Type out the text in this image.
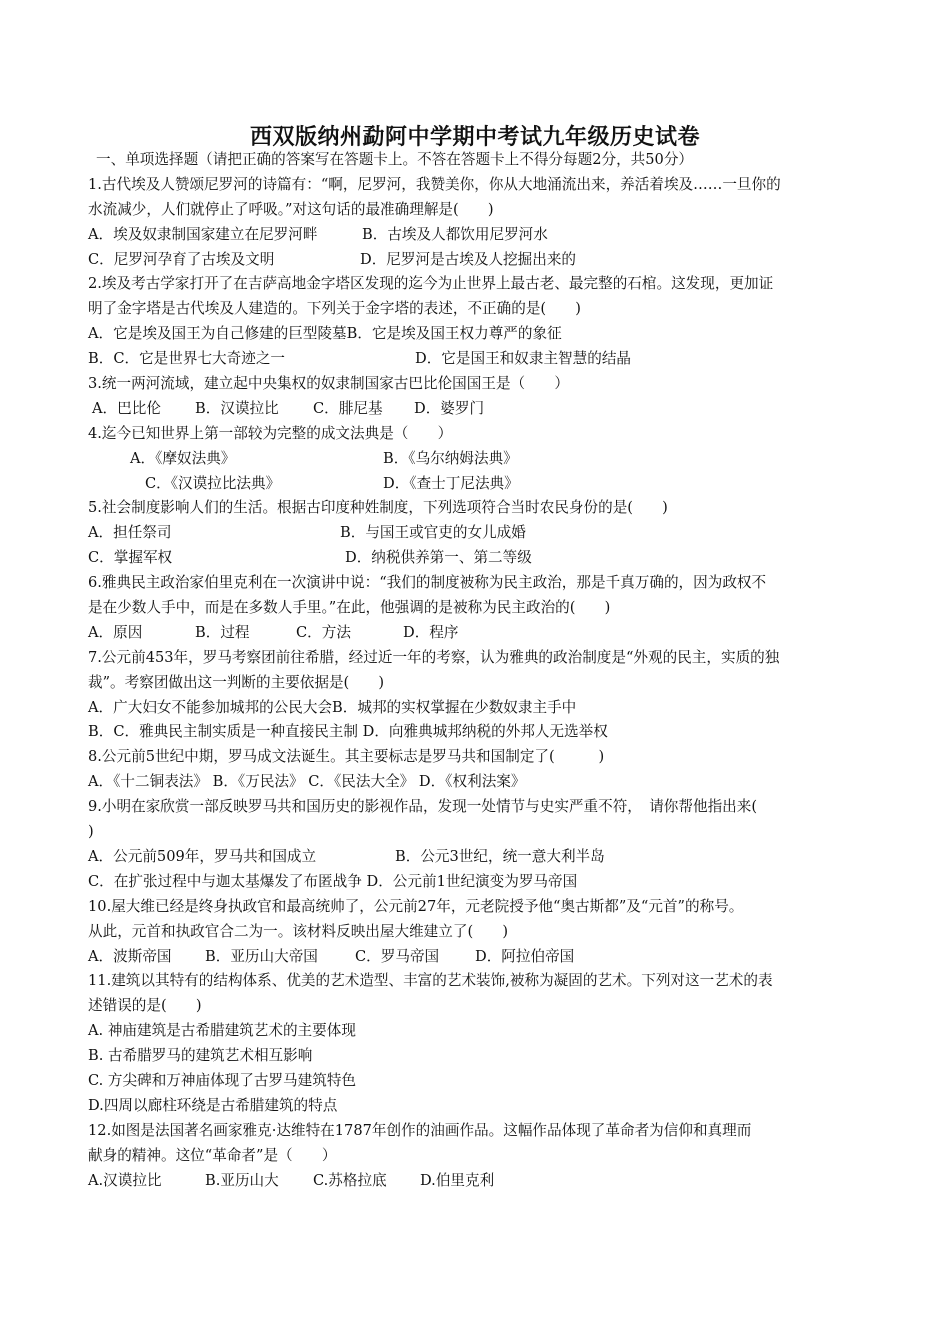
西双版纳州勐阿中学期中考试九年级历史试卷
一、单项选择题（请把正确的答案写在答题卡上。不答在答题卡上不得分每题2分，共50分）
1.古代埃及人赞颂尼罗河的诗篇有：“啊，尼罗河，我赞美你，你从大地涌流出来，养活着埃及……一旦你的
水流减少，人们就停止了呼吸。”对这句话的最准确理解是(　　)
A．埃及奴隶制国家建立在尼罗河畔	B．古埃及人都饮用尼罗河水
C．尼罗河孕育了古埃及文明	D．尼罗河是古埃及人挖掘出来的
2.埃及考古学家打开了在吉萨高地金字塔区发现的迄今为止世界上最古老、最完整的石棺。这发现，更加证
明了金字塔是古代埃及人建造的。下列关于金字塔的表述，不正确的是(　　)
A．它是埃及国王为自己修建的巨型陵墓B．它是埃及国王权力尊严的象征
B．C．它是世界七大奇迹之一	D．它是国王和奴隶主智慧的结晶
3.统一两河流域，建立起中央集权的奴隶制国家古巴比伦国国王是（　　）
A．巴比伦 B．汉谟拉比 C．腓尼基 D．婆罗门
4.迄今已知世界上第一部较为完整的成文法典是（　　）
A．《摩奴法典》	B．《乌尔纳姆法典》
C．《汉谟拉比法典》	D．《查士丁尼法典》
5.社会制度影响人们的生活。根据古印度种姓制度，下列选项符合当时农民身份的是(　　)
A．担任祭司	B．与国王或官吏的女儿成婚
C．掌握军权	D．纳税供养第一、第二等级
6.雅典民主政治家伯里克利在一次演讲中说：“我们的制度被称为民主政治，那是千真万确的，因为政权不
是在少数人手中，而是在多数人手里。”在此，他强调的是被称为民主政治的(　　)
A．原因	B．过程	C．方法	D．程序
7.公元前453年，罗马考察团前往希腊，经过近一年的考察，认为雅典的政治制度是“外观的民主，实质的独
裁”。考察团做出这一判断的主要依据是(　　)
A．广大妇女不能参加城邦的公民大会B．城邦的实权掌握在少数奴隶主手中
B．C．雅典民主制实质是一种直接民主制 D．向雅典城邦纳税的外邦人无选举权
8.公元前5世纪中期，罗马成文法诞生。其主要标志是罗马共和国制定了(　　　)
A．《十二铜表法》 B．《万民法》 C．《民法大全》 D．《权利法案》
9.小明在家欣赏一部反映罗马共和国历史的影视作品，发现一处情节与史实严重不符，　请你帮他指出来(
)
A．公元前509年，罗马共和国成立	B．公元3世纪，统一意大利半岛
C．在扩张过程中与迦太基爆发了布匿战争 D．公元前1世纪演变为罗马帝国
10.屋大维已经是终身执政官和最高统帅了，公元前27年，元老院授予他“奥古斯都”及“元首”的称号。
从此，元首和执政官合二为一。该材料反映出屋大维建立了(　　)
A．波斯帝国 B．亚历山大帝国	C．罗马帝国 D．阿拉伯帝国
11.建筑以其特有的结构体系、优美的艺术造型、丰富的艺术装饰,被称为凝固的艺术。下列对这一艺术的表
述错误的是(　　)
A. 神庙建筑是古希腊建筑艺术的主要体现
B. 古希腊罗马的建筑艺术相互影响
C. 方尖碑和万神庙体现了古罗马建筑特色
D.四周以廊柱环绕是古希腊建筑的特点
12.如图是法国著名画家雅克·达维特在1787年创作的油画作品。这幅作品体现了革命者为信仰和真理而
献身的精神。这位“革命者”是（　　）
A.汉谟拉比	B.亚历山大 C.苏格拉底 D.伯里克利
